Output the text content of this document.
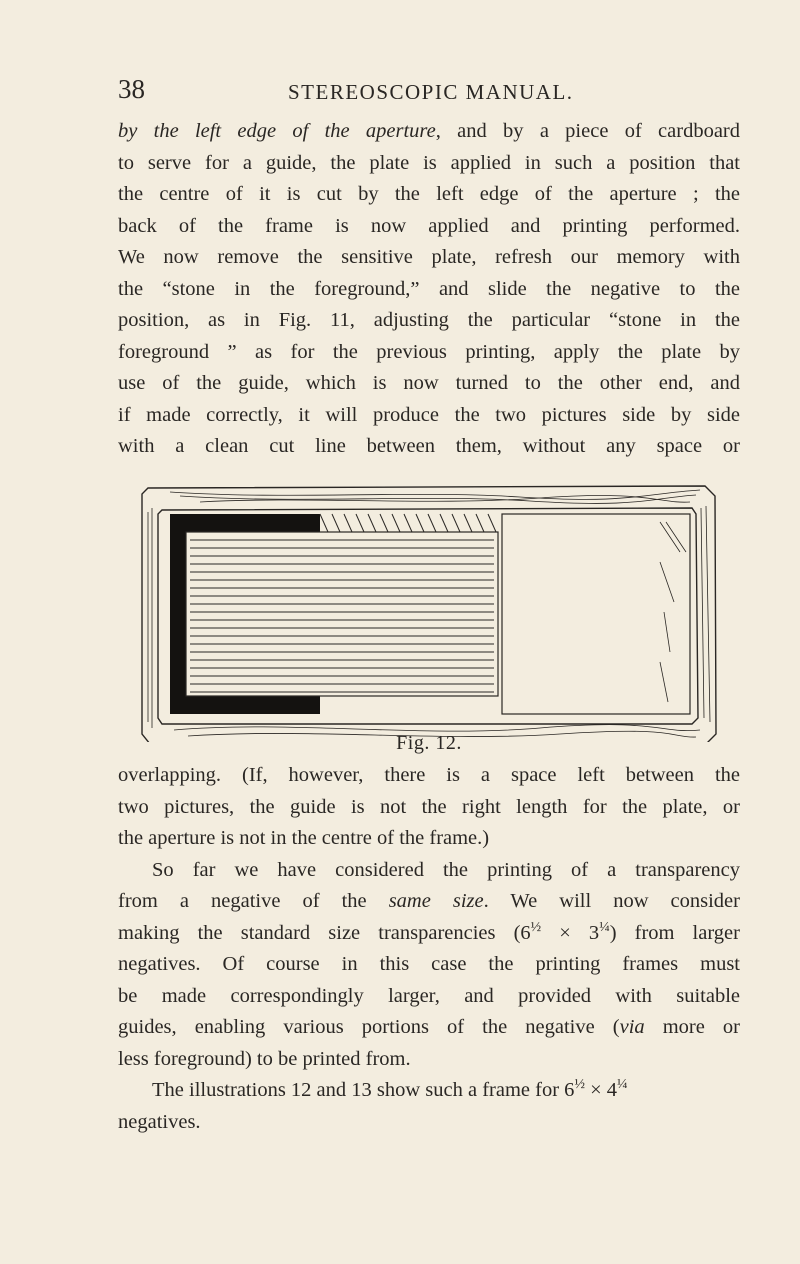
38	STEREOSCOPIC MANUAL.
by the left edge of the aperture, and by a piece of cardboard
to serve for a guide, the plate is applied in such a position that
the centre of it is cut by the left edge of the aperture ; the
back of the frame is now applied and printing performed.
We now remove the sensitive plate, refresh our memory with
the “stone in the foreground,” and slide the negative to the
position, as in Fig. 11, adjusting the particular “stone in the
foreground ” as for the previous printing, apply the plate by
use of the guide, which is now turned to the other end, and
if made correctly, it will produce the two pictures side by side
with a clean cut line between them, without any space or
Fig. 12.
overlapping. (If, however, there is a space left between the
two pictures, the guide is not the right length for the plate, or
the aperture is not in the centre of the frame.)
So far we have considered the printing of a transparency
from a negative of the same size. We will now consider
making the standard size transparencies $(6^{\frac{1}{2}} \times 3^{\frac{1}{4}})$ from larger
negatives. Of course in this case the printing frames must
be made correspondingly larger, and provided with suitable
guides, enabling various portions of the negative (via more or
less foreground) to be printed from.
The illustrations 12 and 13 show such a frame for $6^{\frac{1}{2}} \times 4^{\frac{1}{4}}$
negatives.
